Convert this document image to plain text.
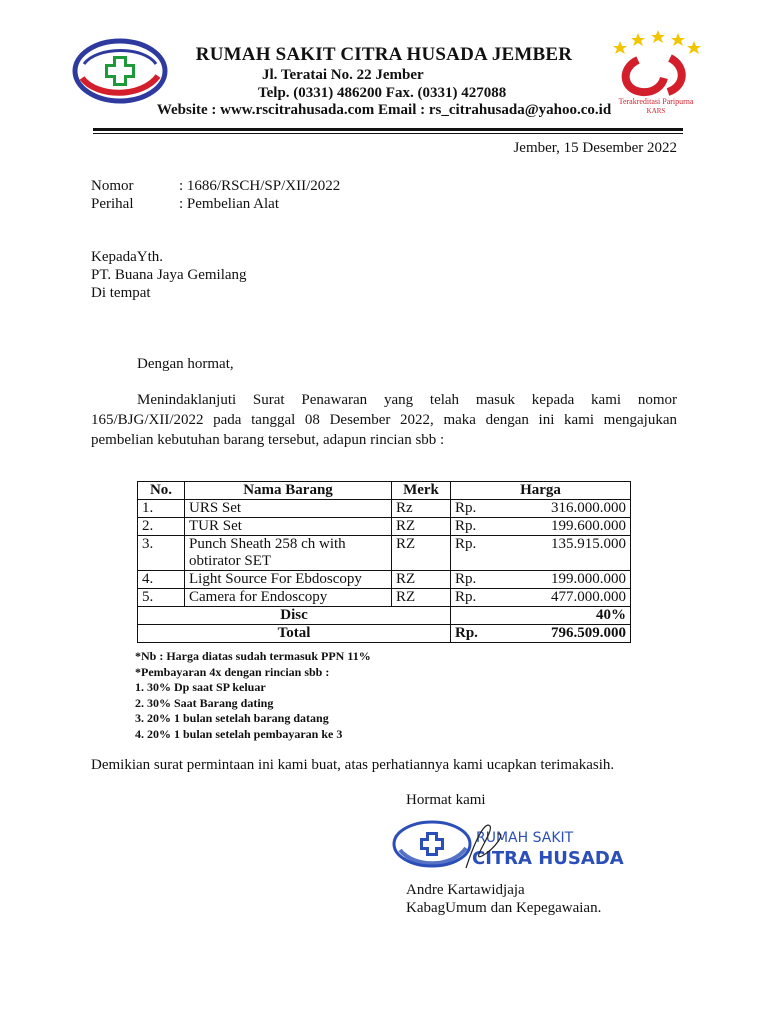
RUMAH SAKIT CITRA HUSADA JEMBER
Jl. Teratai No. 22 Jember
Telp. (0331) 486200 Fax. (0331) 427088
Website : www.rscitrahusada.com Email : rs_citrahusada@yahoo.co.id
Terakreditasi Paripurna
KARS
Jember, 15 Desember 2022
Nomor	: 1686/RSCH/SP/XII/2022
Perihal	: Pembelian Alat
KepadaYth.
PT. Buana Jaya Gemilang
Di tempat
Dengan hormat,
Menindaklanjuti Surat Penawaran yang telah masuk kepada kami nomor 165/BJG/XII/2022 pada tanggal 08 Desember 2022, maka dengan ini kami mengajukan pembelian kebutuhan barang tersebut, adapun rincian sbb :
No.	Nama Barang	Merk	Harga	
1.	URS Set	Rz	Rp.	316.000.000
2.	TUR Set	RZ	Rp.	199.600.000
3.	Punch Sheath 258 ch with obtirator SET	RZ	Rp.	135.915.000
4.	Light Source For Ebdoscopy	RZ	Rp.	199.000.000
5.	Camera for Endoscopy	RZ	Rp.	477.000.000
Disc			40%	
Total			Rp.	796.509.000
*Nb : Harga diatas sudah termasuk PPN 11%
*Pembayaran 4x dengan rincian sbb :
1. 30% Dp saat SP keluar
2. 30% Saat Barang dating
3. 20% 1 bulan setelah barang datang
4. 20% 1 bulan setelah pembayaran ke 3
Demikian surat permintaan ini kami buat, atas perhatiannya kami ucapkan terimakasih.
Hormat kami
RUMAH SAKIT
CITRA HUSADA
Andre Kartawidjaja
KabagUmum dan Kepegawaian.
